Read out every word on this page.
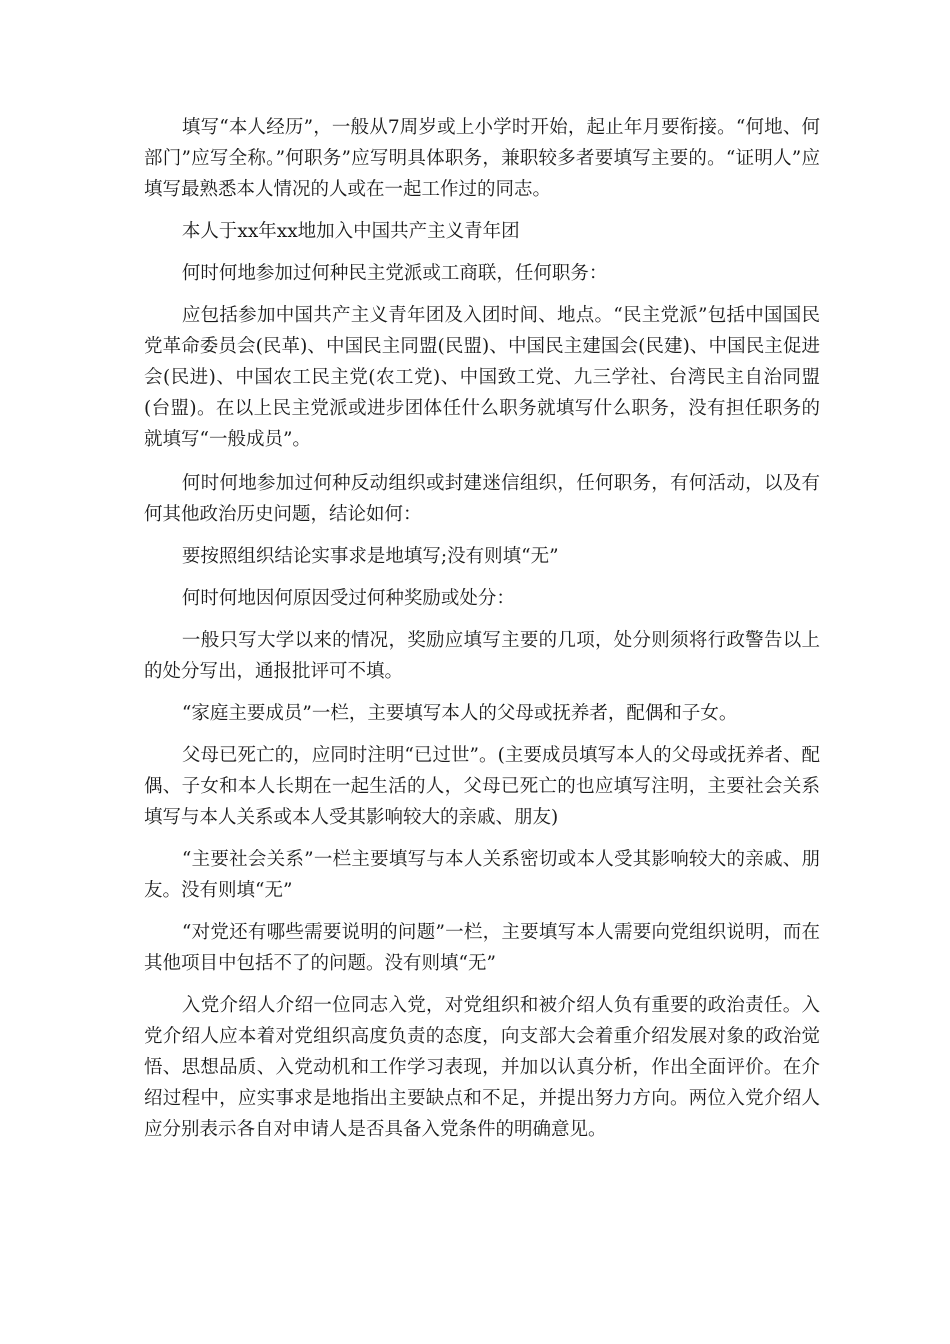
填写“本人经历”，一般从7周岁或上小学时开始，起止年月要衔接。“何地、何部门”应写全称。”何职务”应写明具体职务，兼职较多者要填写主要的。“证明人”应填写最熟悉本人情况的人或在一起工作过的同志。

本人于xx年xx地加入中国共产主义青年团

何时何地参加过何种民主党派或工商联，任何职务：

应包括参加中国共产主义青年团及入团时间、地点。“民主党派”包括中国国民党革命委员会(民革)、中国民主同盟(民盟)、中国民主建国会(民建)、中国民主促进会(民进)、中国农工民主党(农工党)、中国致工党、九三学社、台湾民主自治同盟(台盟)。在以上民主党派或进步团体任什么职务就填写什么职务，没有担任职务的就填写“一般成员”。

何时何地参加过何种反动组织或封建迷信组织，任何职务，有何活动，以及有何其他政治历史问题，结论如何：

要按照组织结论实事求是地填写;没有则填“无”

何时何地因何原因受过何种奖励或处分：

一般只写大学以来的情况，奖励应填写主要的几项，处分则须将行政警告以上的处分写出，通报批评可不填。

“家庭主要成员”一栏，主要填写本人的父母或抚养者，配偶和子女。

父母已死亡的，应同时注明“已过世”。(主要成员填写本人的父母或抚养者、配偶、子女和本人长期在一起生活的人，父母已死亡的也应填写注明，主要社会关系填写与本人关系或本人受其影响较大的亲戚、朋友)

“主要社会关系”一栏主要填写与本人关系密切或本人受其影响较大的亲戚、朋友。没有则填“无”

“对党还有哪些需要说明的问题”一栏，主要填写本人需要向党组织说明，而在其他项目中包括不了的问题。没有则填“无”

入党介绍人介绍一位同志入党，对党组织和被介绍人负有重要的政治责任。入党介绍人应本着对党组织高度负责的态度，向支部大会着重介绍发展对象的政治觉悟、思想品质、入党动机和工作学习表现，并加以认真分析，作出全面评价。在介绍过程中，应实事求是地指出主要缺点和不足，并提出努力方向。两位入党介绍人应分别表示各自对申请人是否具备入党条件的明确意见。
